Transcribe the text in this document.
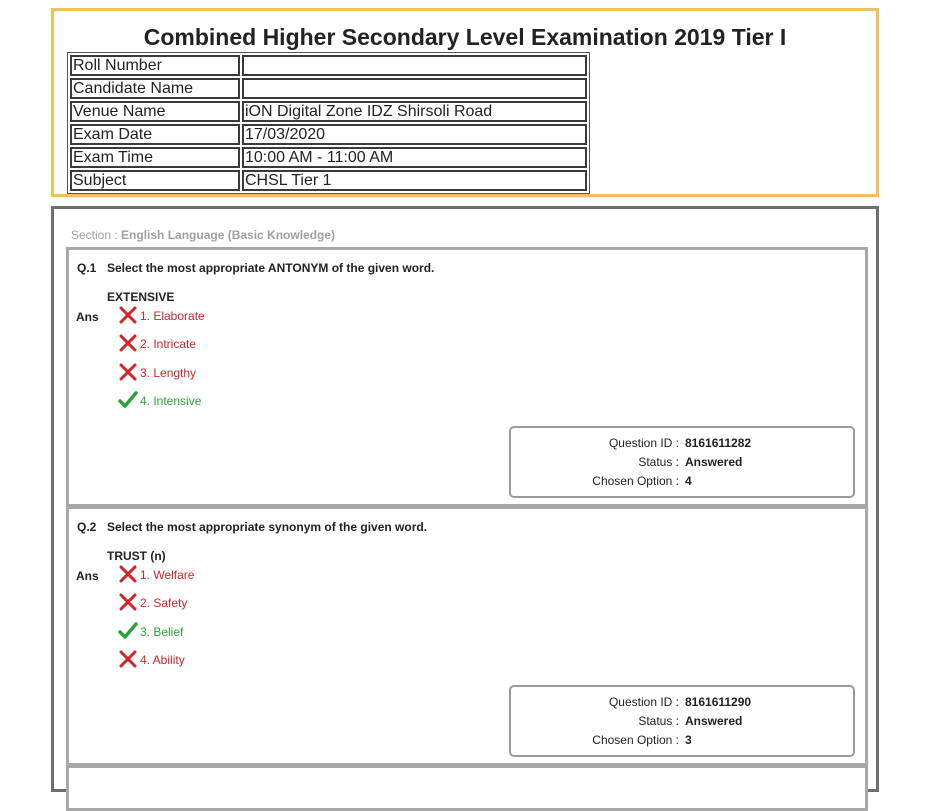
Combined Higher Secondary Level Examination 2019 Tier I
Roll Number	
Candidate Name	
Venue Name	iON Digital Zone IDZ Shirsoli Road
Exam Date	17/03/2020
Exam Time	10:00 AM - 11:00 AM
Subject	CHSL Tier 1
Section : English Language (Basic Knowledge)
Q.1 Select the most appropriate ANTONYM of the given word.
EXTENSIVE
Ans	1. Elaborate
2. Intricate
3. Lengthy
4. Intensive
Question ID : 8161611282
Status : Answered
Chosen Option : 4
Q.2 Select the most appropriate synonym of the given word.
TRUST (n)
Ans	1. Welfare
2. Safety
3. Belief
4. Ability
Question ID : 8161611290
Status : Answered
Chosen Option : 3
